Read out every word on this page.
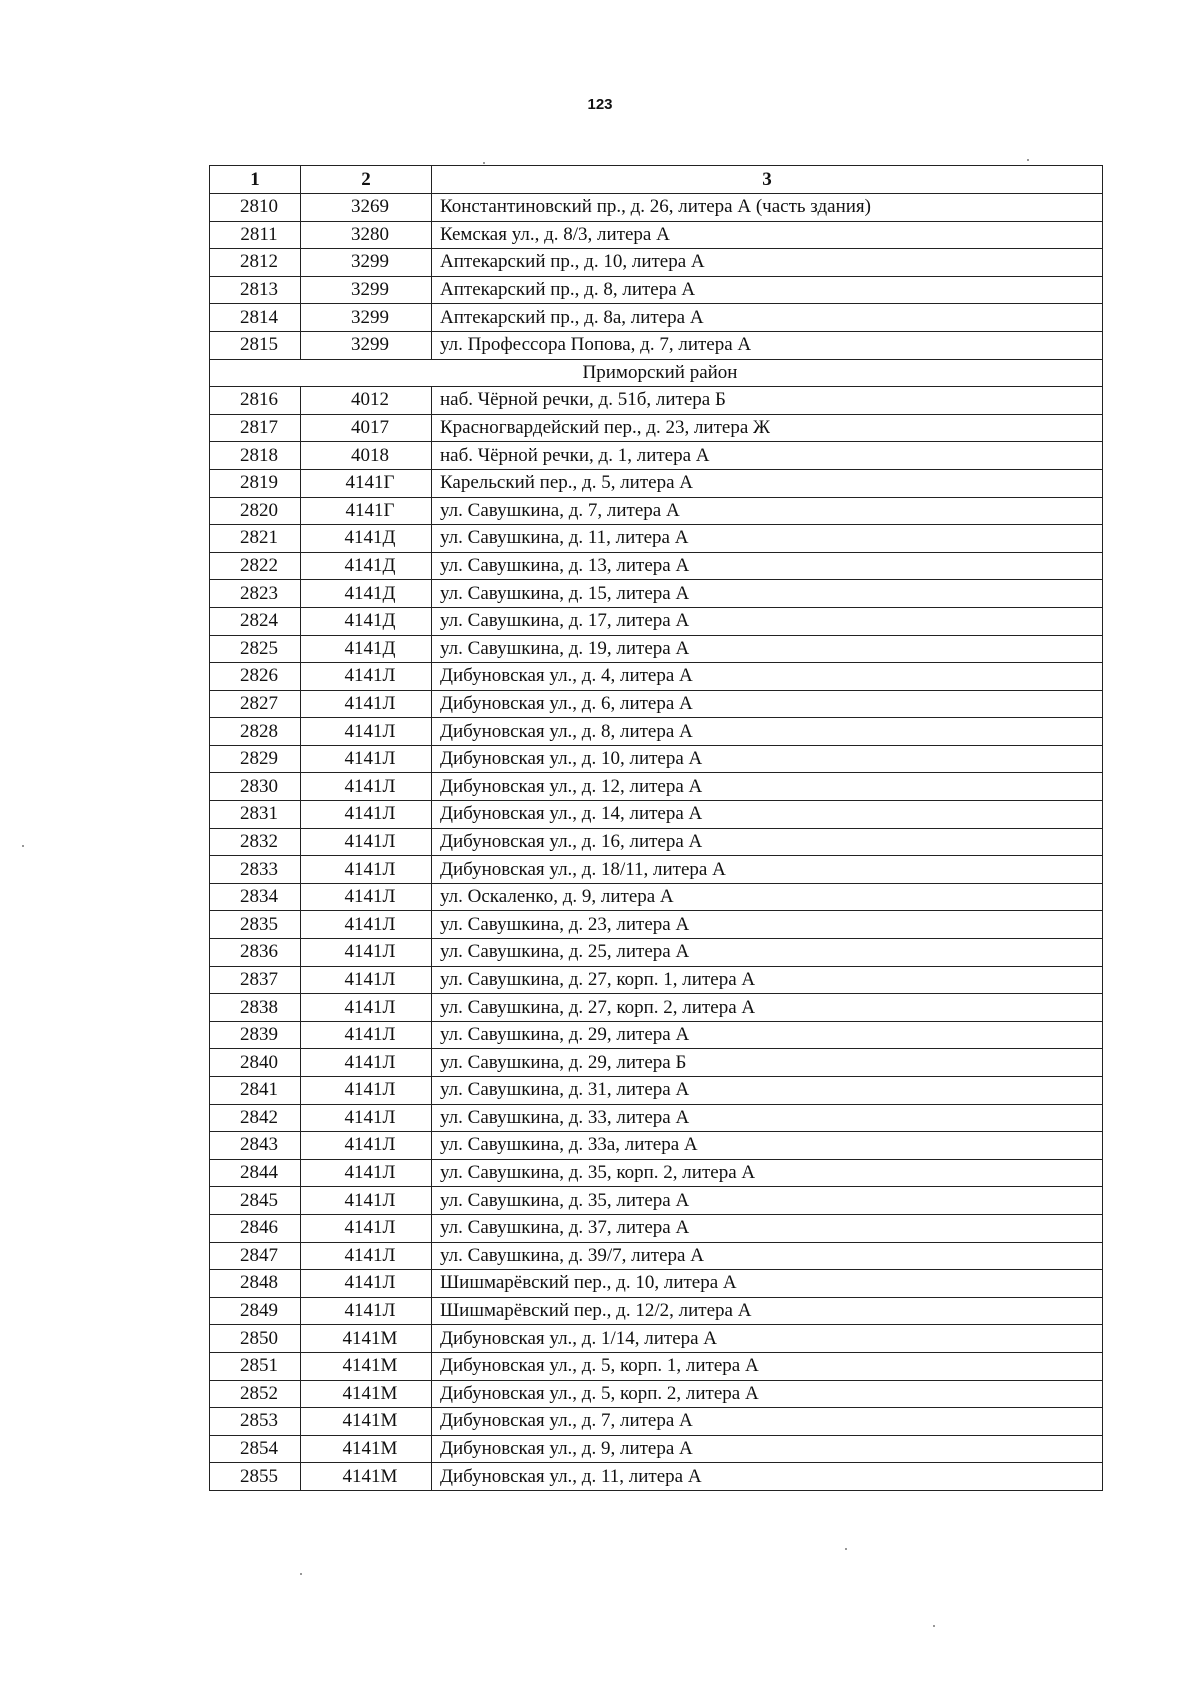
123
1	2	3
2810	3269	Константиновский пр., д. 26, литера А (часть здания)
2811	3280	Кемская ул., д. 8/3, литера А
2812	3299	Аптекарский пр., д. 10, литера А
2813	3299	Аптекарский пр., д. 8, литера А
2814	3299	Аптекарский пр., д. 8а, литера А
2815	3299	ул. Профессора Попова, д. 7, литера А
Приморский район		
2816	4012	наб. Чёрной речки, д. 51б, литера Б
2817	4017	Красногвардейский пер., д. 23, литера Ж
2818	4018	наб. Чёрной речки, д. 1, литера А
2819	4141Г	Карельский пер., д. 5, литера А
2820	4141Г	ул. Савушкина, д. 7, литера А
2821	4141Д	ул. Савушкина, д. 11, литера А
2822	4141Д	ул. Савушкина, д. 13, литера А
2823	4141Д	ул. Савушкина, д. 15, литера А
2824	4141Д	ул. Савушкина, д. 17, литера А
2825	4141Д	ул. Савушкина, д. 19, литера А
2826	4141Л	Дибуновская ул., д. 4, литера А
2827	4141Л	Дибуновская ул., д. 6, литера А
2828	4141Л	Дибуновская ул., д. 8, литера А
2829	4141Л	Дибуновская ул., д. 10, литера А
2830	4141Л	Дибуновская ул., д. 12, литера А
2831	4141Л	Дибуновская ул., д. 14, литера А
2832	4141Л	Дибуновская ул., д. 16, литера А
2833	4141Л	Дибуновская ул., д. 18/11, литера А
2834	4141Л	ул. Оскаленко, д. 9, литера А
2835	4141Л	ул. Савушкина, д. 23, литера А
2836	4141Л	ул. Савушкина, д. 25, литера А
2837	4141Л	ул. Савушкина, д. 27, корп. 1, литера А
2838	4141Л	ул. Савушкина, д. 27, корп. 2, литера А
2839	4141Л	ул. Савушкина, д. 29, литера А
2840	4141Л	ул. Савушкина, д. 29, литера Б
2841	4141Л	ул. Савушкина, д. 31, литера А
2842	4141Л	ул. Савушкина, д. 33, литера А
2843	4141Л	ул. Савушкина, д. 33а, литера А
2844	4141Л	ул. Савушкина, д. 35, корп. 2, литера А
2845	4141Л	ул. Савушкина, д. 35, литера А
2846	4141Л	ул. Савушкина, д. 37, литера А
2847	4141Л	ул. Савушкина, д. 39/7, литера А
2848	4141Л	Шишмарёвский пер., д. 10, литера А
2849	4141Л	Шишмарёвский пер., д. 12/2, литера А
2850	4141М	Дибуновская ул., д. 1/14, литера А
2851	4141М	Дибуновская ул., д. 5, корп. 1, литера А
2852	4141М	Дибуновская ул., д. 5, корп. 2, литера А
2853	4141М	Дибуновская ул., д. 7, литера А
2854	4141М	Дибуновская ул., д. 9, литера А
2855	4141М	Дибуновская ул., д. 11, литера А
